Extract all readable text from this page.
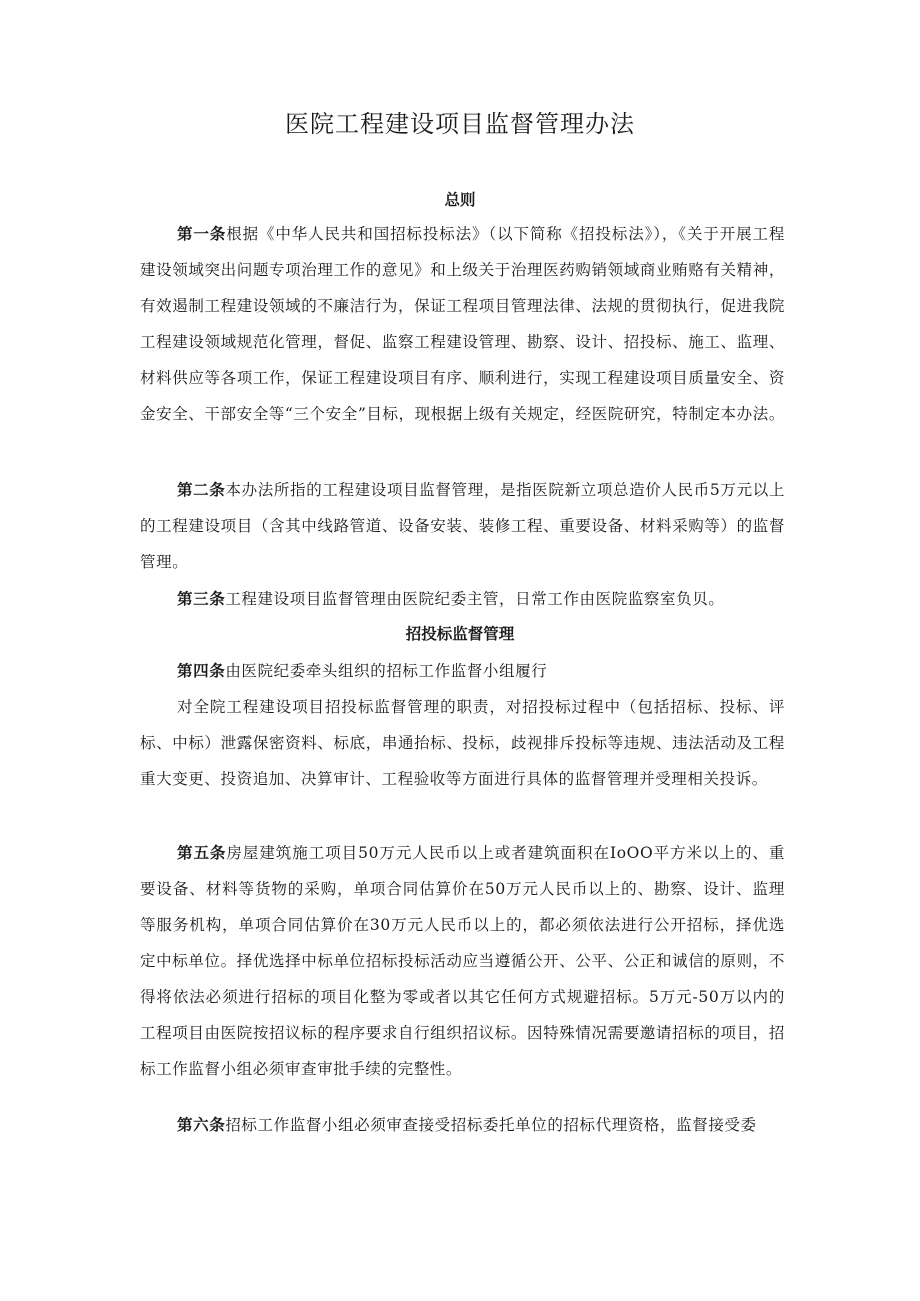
医院工程建设项目监督管理办法
总则

第一条根据《中华人民共和国招标投标法》（以下简称《招投标法》），《关于开展工程建设领域突出问题专项治理工作的意见》和上级关于治理医药购销领域商业贿赂有关精神，有效遏制工程建设领域的不廉洁行为，保证工程项目管理法律、法规的贯彻执行，促进我院工程建设领域规范化管理，督促、监察工程建设管理、勘察、设计、招投标、施工、监理、材料供应等各项工作，保证工程建设项目有序、顺利进行，实现工程建设项目质量安全、资金安全、干部安全等“三个安全”目标，现根据上级有关规定，经医院研究，特制定本办法。

第二条本办法所指的工程建设项目监督管理，是指医院新立项总造价人民币5万元以上的工程建设项目（含其中线路管道、设备安装、装修工程、重要设备、材料采购等）的监督管理。

第三条工程建设项目监督管理由医院纪委主管，日常工作由医院监察室负贝。

招投标监督管理

第四条由医院纪委牵头组织的招标工作监督小组履行

对全院工程建设项目招投标监督管理的职责，对招投标过程中（包括招标、投标、评标、中标）泄露保密资料、标底，串通抬标、投标，歧视排斥投标等违规、违法活动及工程重大变更、投资追加、决算审计、工程验收等方面进行具体的监督管理并受理相关投诉。

第五条房屋建筑施工项目50万元人民币以上或者建筑面积在IoOO平方米以上的、重要设备、材料等货物的采购，单项合同估算价在50万元人民币以上的、勘察、设计、监理等服务机构，单项合同估算价在30万元人民币以上的，都必须依法进行公开招标，择优选定中标单位。择优选择中标单位招标投标活动应当遵循公开、公平、公正和诚信的原则，不得将依法必须进行招标的项目化整为零或者以其它任何方式规避招标。5万元-50万以内的工程项目由医院按招议标的程序要求自行组织招议标。因特殊情况需要邀请招标的项目，招标工作监督小组必须审查审批手续的完整性。

第六条招标工作监督小组必须审查接受招标委托单位的招标代理资格，监督接受委
